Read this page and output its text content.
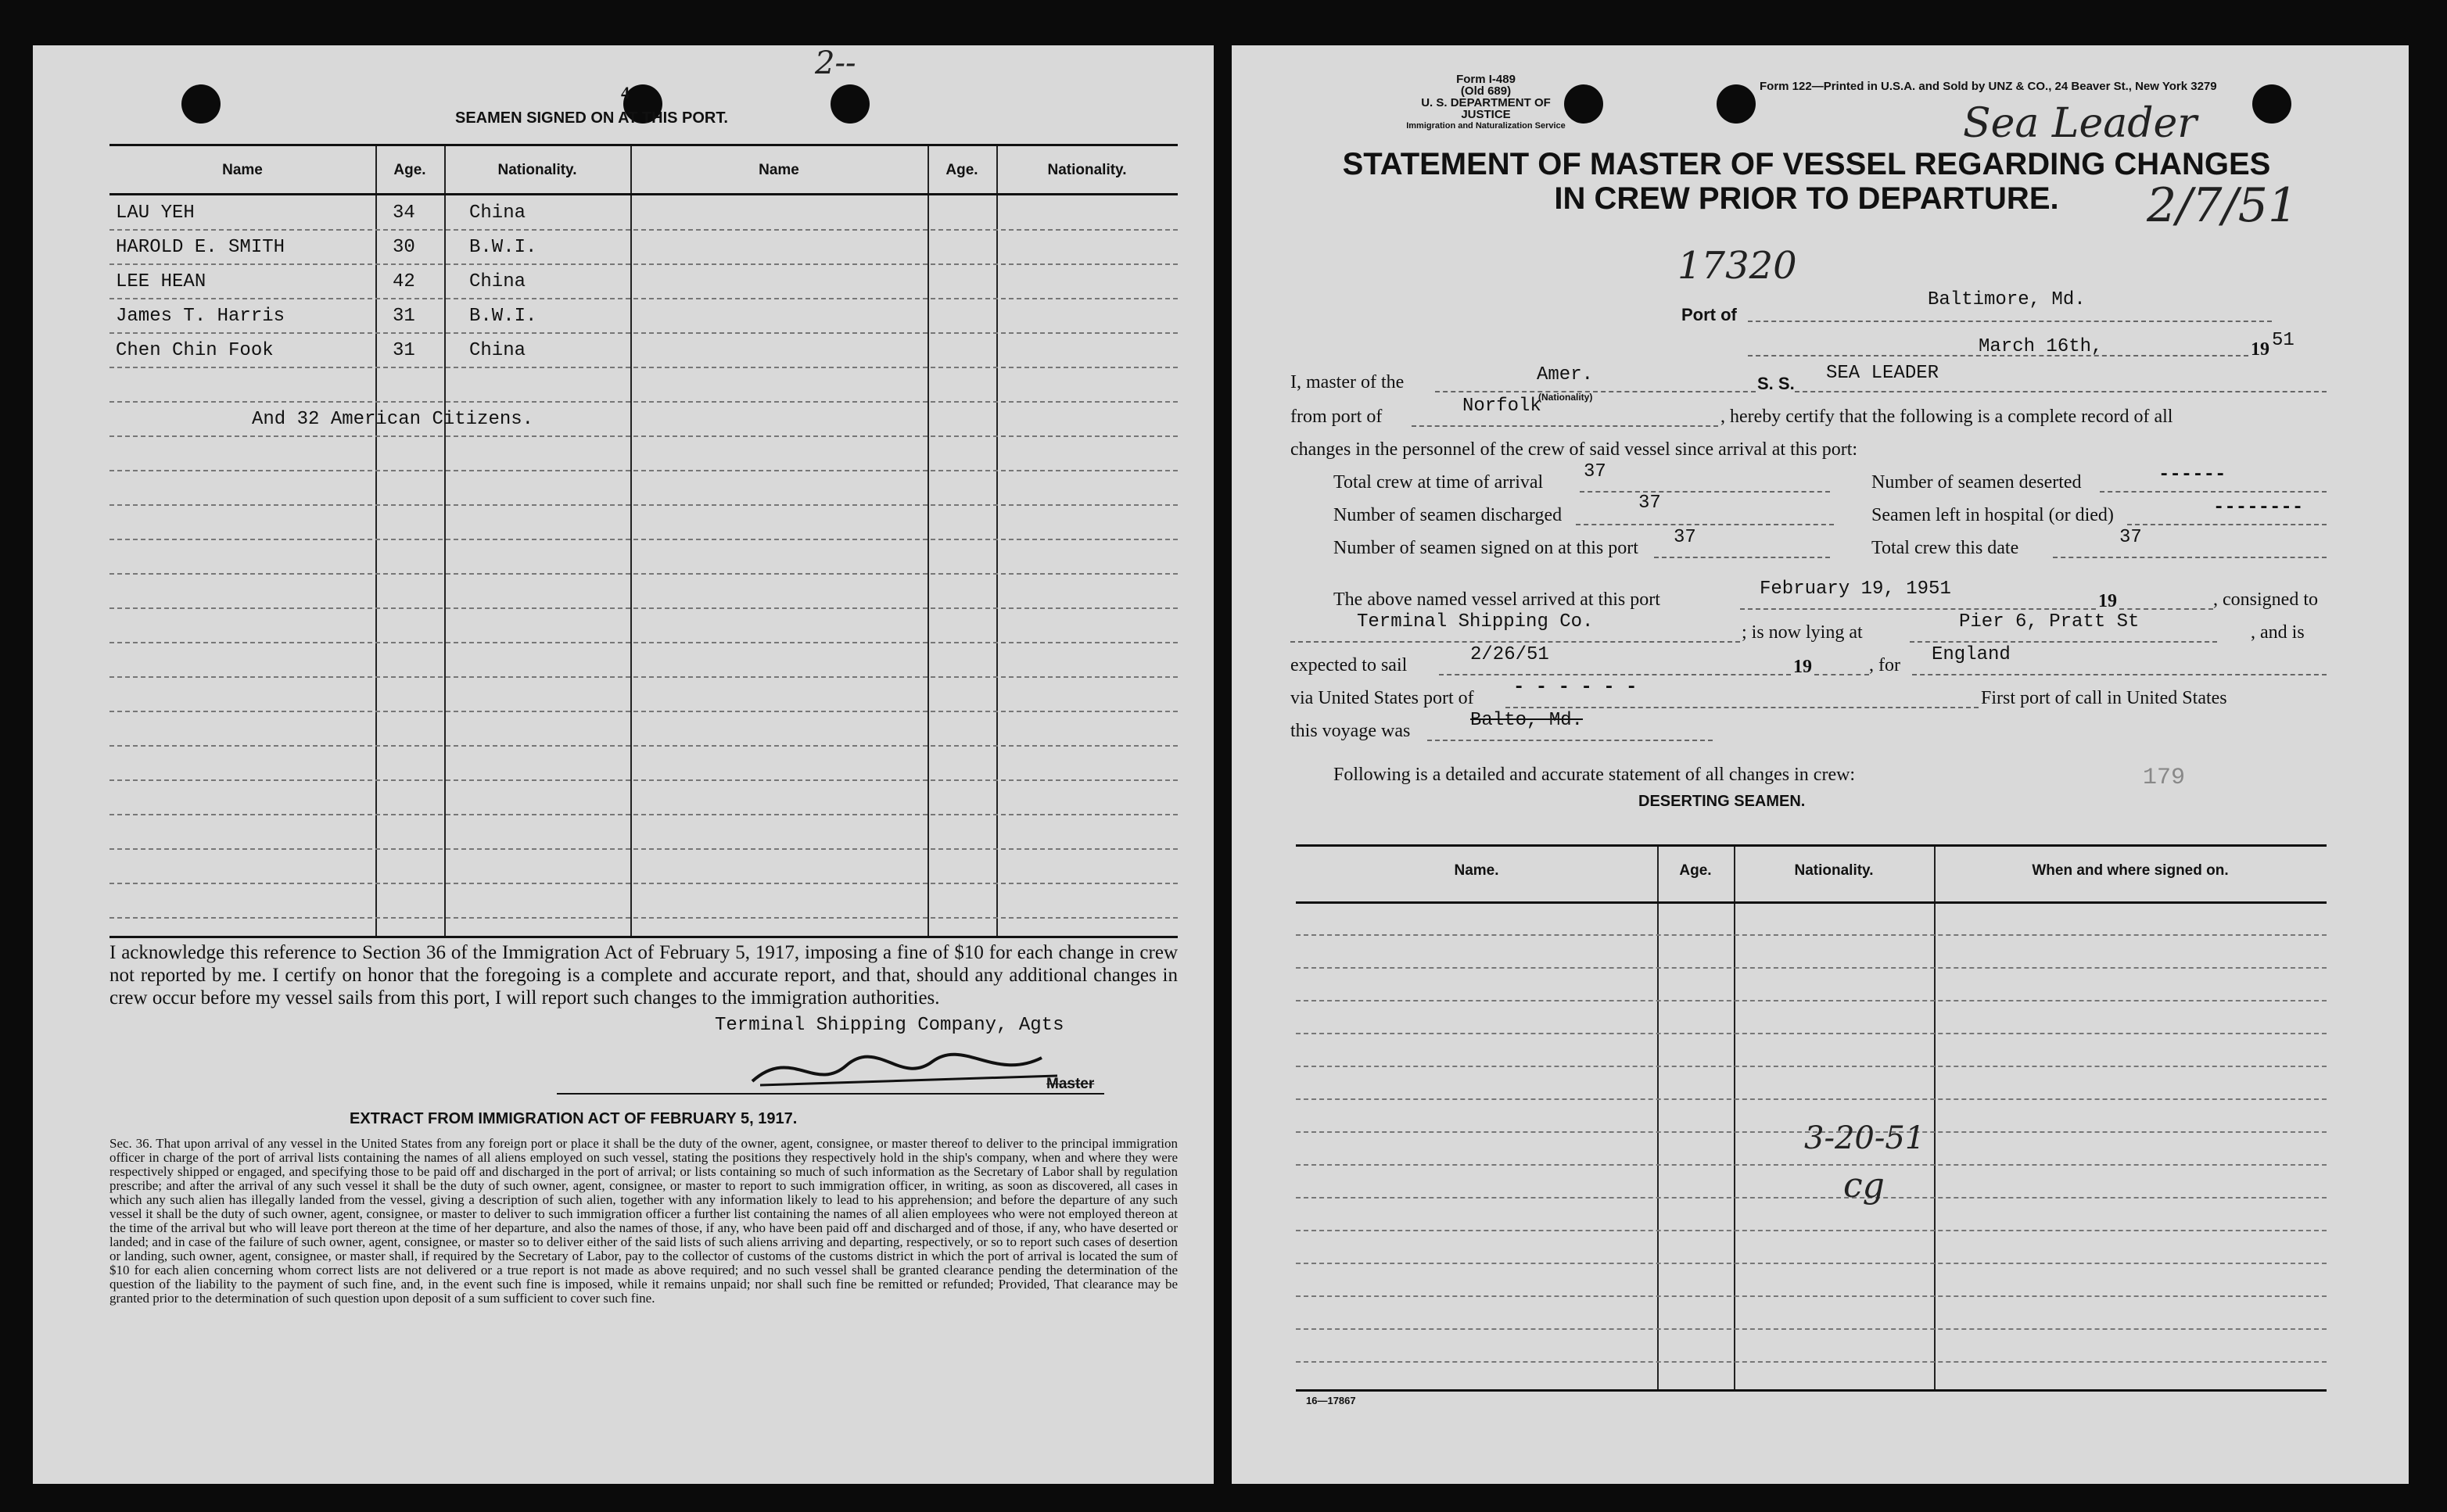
2--
4
SEAMEN SIGNED ON AT THIS PORT.
Name	Age.	Nationality.	Name	Age.	Nationality.
LAU YEH	34	China
HAROLD E. SMITH	30	B.W.I.
LEE HEAN	42	China
James T. Harris	31	B.W.I.
Chen Chin Fook	31	China
And 32 American Citizens.
I acknowledge this reference to Section 36 of the Immigration Act of February 5, 1917, imposing a fine of $10 for each change in crew not reported by me. I certify on honor that the foregoing is a complete and accurate report, and that, should any additional changes in crew occur before my vessel sails from this port, I will report such changes to the immigration authorities.
Terminal Shipping Company, Agts
Master
EXTRACT FROM IMMIGRATION ACT OF FEBRUARY 5, 1917.
Sec. 36. That upon arrival of any vessel in the United States from any foreign port or place it shall be the duty of the owner, agent, consignee, or master thereof to deliver to the principal immigration officer in charge of the port of arrival lists containing the names of all aliens employed on such vessel, stating the positions they respectively hold in the ship's company, when and where they were respectively shipped or engaged, and specifying those to be paid off and discharged in the port of arrival; or lists containing so much of such information as the Secretary of Labor shall by regulation prescribe; and after the arrival of any such vessel it shall be the duty of such owner, agent, consignee, or master to report to such immigration officer, in writing, as soon as discovered, all cases in which any such alien has illegally landed from the vessel, giving a description of such alien, together with any information likely to lead to his apprehension; and before the departure of any such vessel it shall be the duty of such owner, agent, consignee, or master to deliver to such immigration officer a further list containing the names of all alien employees who were not employed thereon at the time of the arrival but who will leave port thereon at the time of her departure, and also the names of those, if any, who have been paid off and discharged and of those, if any, who have deserted or landed; and in case of the failure of such owner, agent, consignee, or master so to deliver either of the said lists of such aliens arriving and departing, respectively, or so to report such cases of desertion or landing, such owner, agent, consignee, or master shall, if required by the Secretary of Labor, pay to the collector of customs of the customs district in which the port of arrival is located the sum of $10 for each alien concerning whom correct lists are not delivered or a true report is not made as above required; and no such vessel shall be granted clearance pending the determination of the question of the liability to the payment of such fine, and, in the event such fine is imposed, while it remains unpaid; nor shall such fine be remitted or refunded; Provided, That clearance may be granted prior to the determination of such question upon deposit of a sum sufficient to cover such fine.
Form I-489
(Old 689)
U. S. DEPARTMENT OF JUSTICE
Immigration and Naturalization Service
Form 122—Printed in U.S.A. and Sold by UNZ & CO., 24 Beaver St., New York 3279
Sea Leader
STATEMENT OF MASTER OF VESSEL REGARDING CHANGES
IN CREW PRIOR TO DEPARTURE.	2/7/51
17320
Port of
Baltimore, Md.
March 16th,	19 51
I, master of the	Amer.
(Nationality)
S. S. SEA LEADER
from port of	Norfolk	, hereby certify that the following is a complete record of all
changes in the personnel of the crew of said vessel since arrival at this port:
Total crew at time of arrival 37	Number of seamen deserted	------
Number of seamen discharged
37
Seamen left in hospital (or died)	--------
Number of seamen signed on at this port 37	Total crew this date	37
The above named vessel arrived at this port	February 19, 1951
19	, consigned to
Terminal Shipping Co.	; is now lying at	Pier 6, Pratt St	, and is
expected to sail	2/26/51
19	, for England
via United States port of - - - - - -	First port of call in United States
this voyage was	Balto, Md.
Following is a detailed and accurate statement of all changes in crew:	179
DESERTING SEAMEN.
Name.	Age.	Nationality.	When and where signed on.
3-20-51
cg
16—17867
